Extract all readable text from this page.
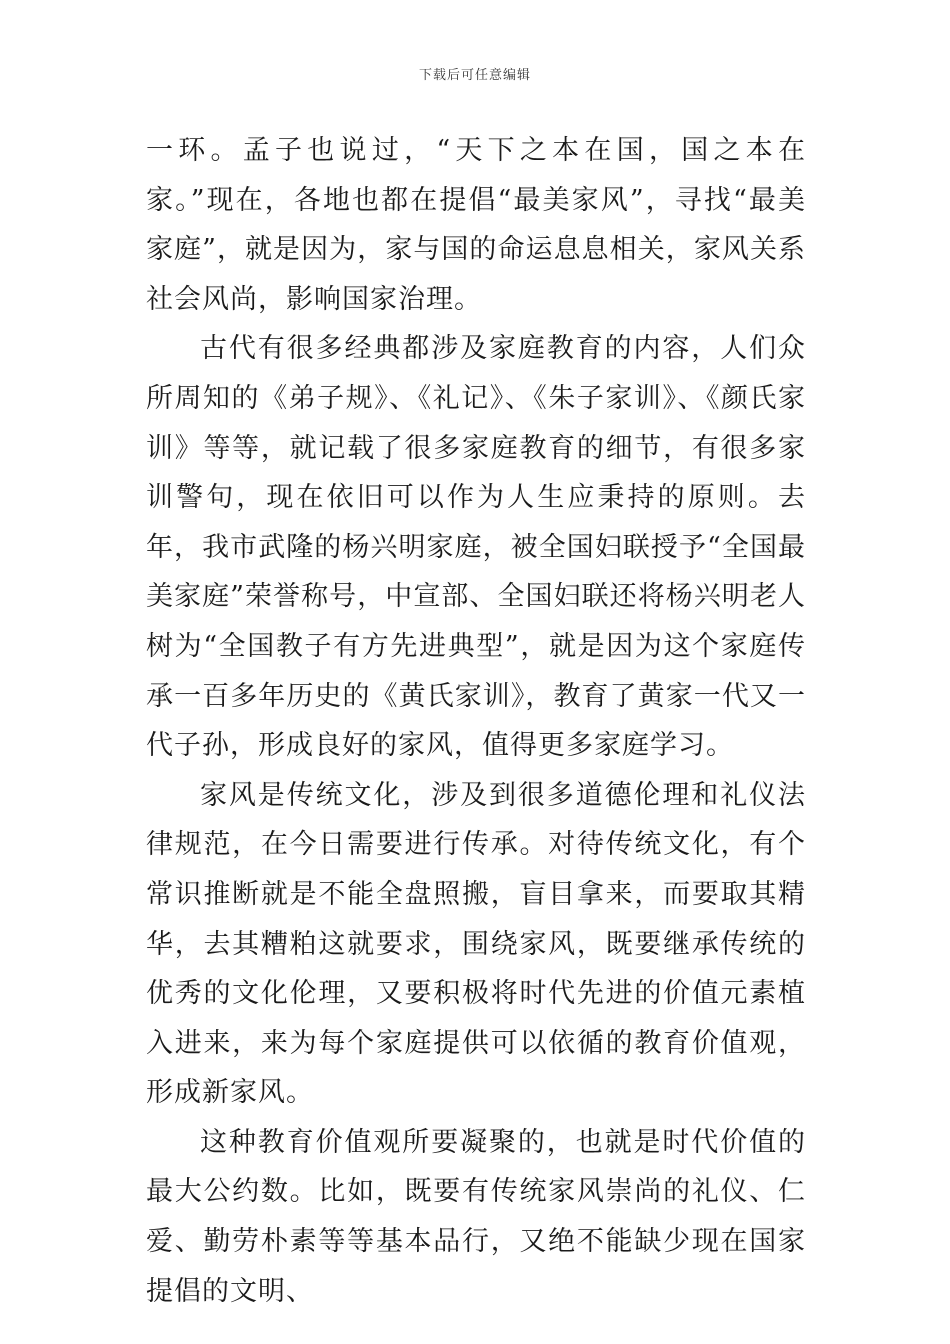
下载后可任意编辑

一环。孟子也说过，“天下之本在国，国之本在家。”现在，各地也都在提倡“最美家风”，寻找“最美家庭”，就是因为，家与国的命运息息相关，家风关系社会风尚，影响国家治理。

古代有很多经典都涉及家庭教育的内容，人们众所周知的《弟子规》、《礼记》、《朱子家训》、《颜氏家训》等等，就记载了很多家庭教育的细节，有很多家训警句，现在依旧可以作为人生应秉持的原则。去年，我市武隆的杨兴明家庭，被全国妇联授予“全国最美家庭”荣誉称号，中宣部、全国妇联还将杨兴明老人树为“全国教子有方先进典型”，就是因为这个家庭传承一百多年历史的《黄氏家训》，教育了黄家一代又一代子孙，形成良好的家风，值得更多家庭学习。

家风是传统文化，涉及到很多道德伦理和礼仪法律规范，在今日需要进行传承。对待传统文化，有个常识推断就是不能全盘照搬，盲目拿来，而要取其精华，去其糟粕这就要求，围绕家风，既要继承传统的优秀的文化伦理，又要积极将时代先进的价值元素植入进来，来为每个家庭提供可以依循的教育价值观，形成新家风。

这种教育价值观所要凝聚的，也就是时代价值的最大公约数。比如，既要有传统家风崇尚的礼仪、仁爱、勤劳朴素等等基本品行，又绝不能缺少现在国家提倡的文明、
